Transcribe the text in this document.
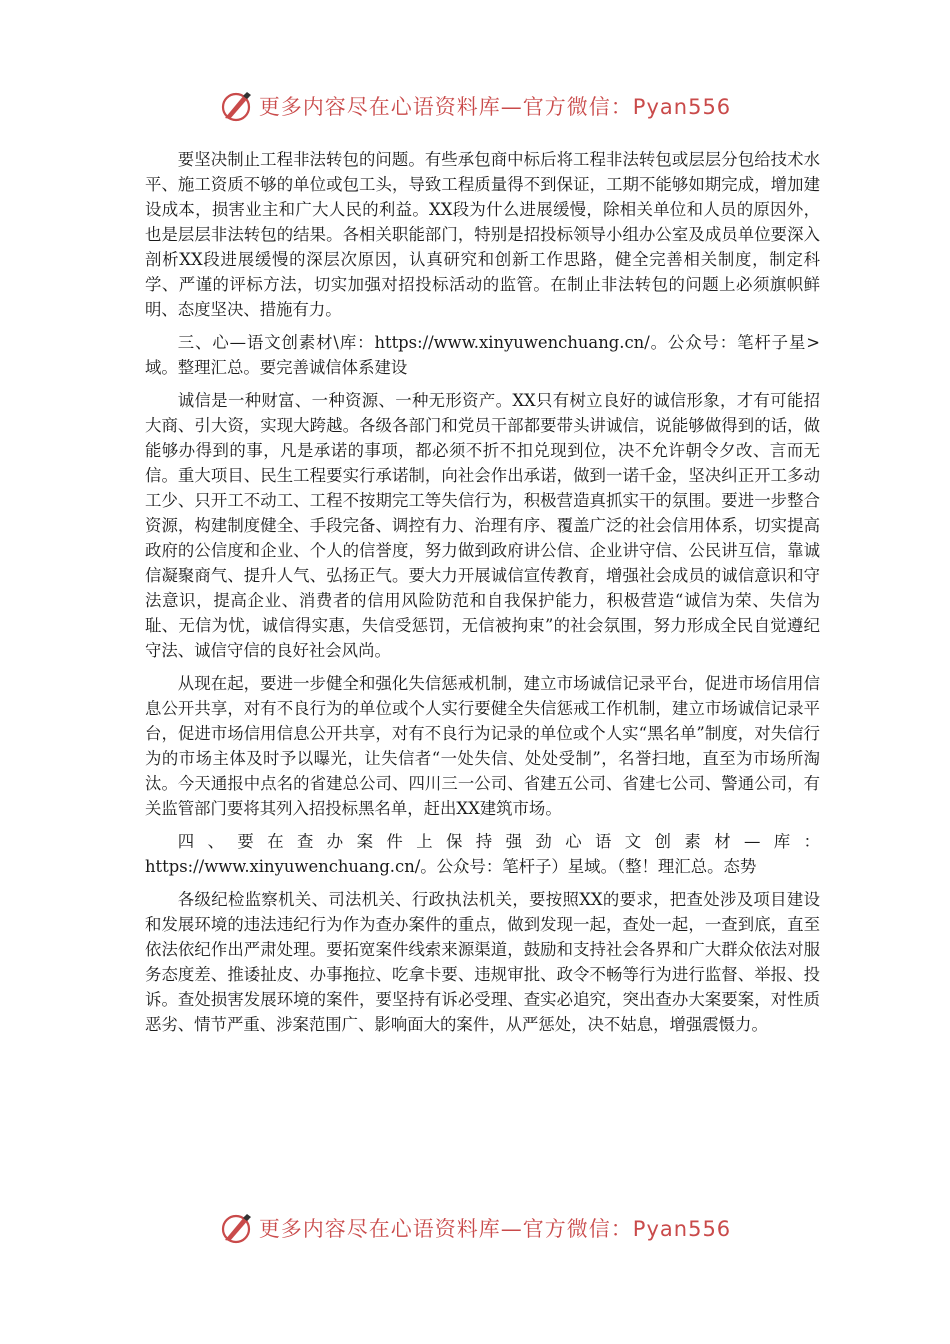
更多内容尽在心语资料库—官方微信：Pyan556

要坚决制止工程非法转包的问题。有些承包商中标后将工程非法转包或层层分包给技术水平、施工资质不够的单位或包工头，导致工程质量得不到保证，工期不能够如期完成，增加建设成本，损害业主和广大人民的利益。XX段为什么进展缓慢，除相关单位和人员的原因外，也是层层非法转包的结果。各相关职能部门，特别是招投标领导小组办公室及成员单位要深入剖析XX段进展缓慢的深层次原因，认真研究和创新工作思路，健全完善相关制度，制定科学、严谨的评标方法，切实加强对招投标活动的监管。在制止非法转包的问题上必须旗帜鲜明、态度坚决、措施有力。

三、心—语文创素材\库：https://www.xinyuwenchuang.cn/。公众号：笔杆子星>域。整理汇总。要完善诚信体系建设

诚信是一种财富、一种资源、一种无形资产。XX只有树立良好的诚信形象，才有可能招大商、引大资，实现大跨越。各级各部门和党员干部都要带头讲诚信，说能够做得到的话，做能够办得到的事，凡是承诺的事项，都必须不折不扣兑现到位，决不允许朝令夕改、言而无信。重大项目、民生工程要实行承诺制，向社会作出承诺，做到一诺千金，坚决纠正开工多动工少、只开工不动工、工程不按期完工等失信行为，积极营造真抓实干的氛围。要进一步整合资源，构建制度健全、手段完备、调控有力、治理有序、覆盖广泛的社会信用体系，切实提高政府的公信度和企业、个人的信誉度，努力做到政府讲公信、企业讲守信、公民讲互信，靠诚信凝聚商气、提升人气、弘扬正气。要大力开展诚信宣传教育，增强社会成员的诚信意识和守法意识，提高企业、消费者的信用风险防范和自我保护能力，积极营造“诚信为荣、失信为耻、无信为忧，诚信得实惠，失信受惩罚，无信被拘束”的社会氛围，努力形成全民自觉遵纪守法、诚信守信的良好社会风尚。

从现在起，要进一步健全和强化失信惩戒机制，建立市场诚信记录平台，促进市场信用信息公开共享，对有不良行为的单位或个人实行要健全失信惩戒工作机制，建立市场诚信记录平台，促进市场信用信息公开共享，对有不良行为记录的单位或个人实“黑名单”制度，对失信行为的市场主体及时予以曝光，让失信者“一处失信、处处受制”，名誉扫地，直至为市场所淘汰。今天通报中点名的省建总公司、四川三一公司、省建五公司、省建七公司、警通公司，有关监管部门要将其列入招投标黑名单，赶出XX建筑市场。

四、要在查办案件上保持强劲心语文创素材—库：https://www.xinyuwenchuang.cn/。公众号：笔杆子）星域。（整！理汇总。态势

各级纪检监察机关、司法机关、行政执法机关，要按照XX的要求，把查处涉及项目建设和发展环境的违法违纪行为作为查办案件的重点，做到发现一起，查处一起，一查到底，直至依法依纪作出严肃处理。要拓宽案件线索来源渠道，鼓励和支持社会各界和广大群众依法对服务态度差、推诿扯皮、办事拖拉、吃拿卡要、违规审批、政令不畅等行为进行监督、举报、投诉。查处损害发展环境的案件，要坚持有诉必受理、查实必追究，突出查办大案要案，对性质恶劣、情节严重、涉案范围广、影响面大的案件，从严惩处，决不姑息，增强震慑力。

更多内容尽在心语资料库—官方微信：Pyan556
